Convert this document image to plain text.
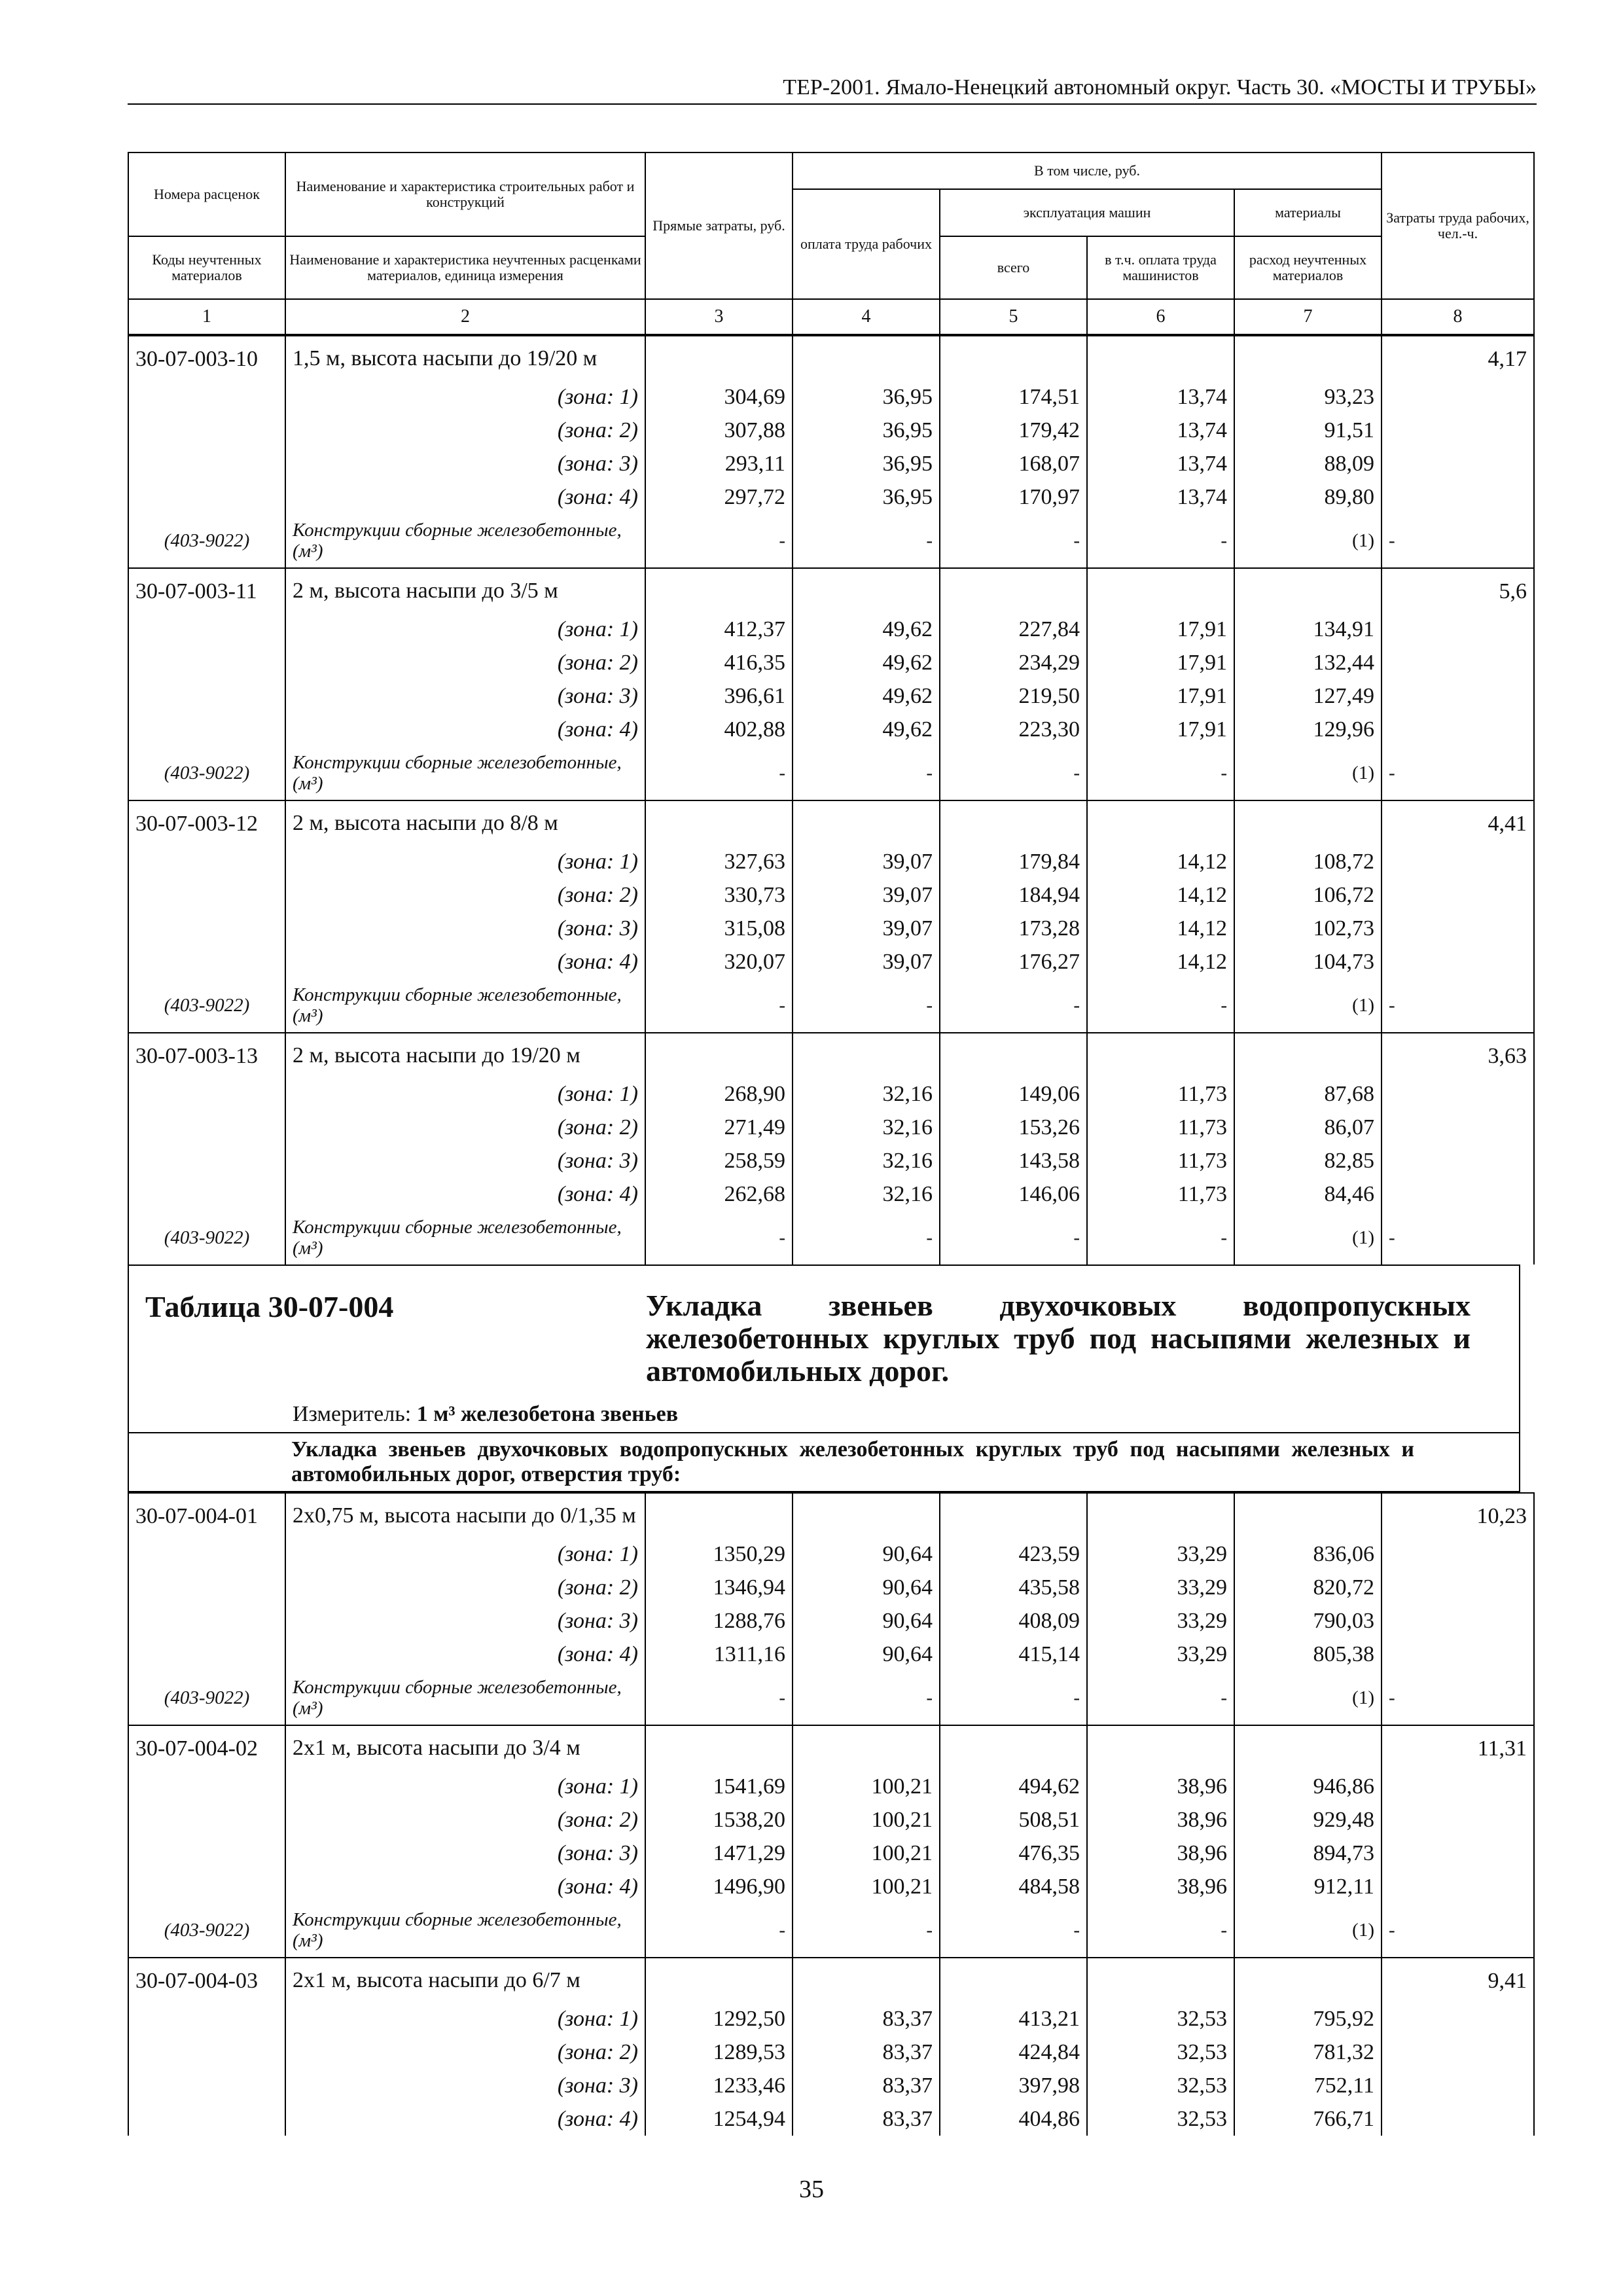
ТЕР-2001. Ямало-Ненецкий автономный округ. Часть 30. «МОСТЫ И ТРУБЫ»
Номера расценок	Наименование и характеристика строительных работ и конструкций	Прямые затраты, руб.	В том числе, руб.				Затраты труда рабочих, чел.-ч.
			оплата труда рабочих	эксплуатация машин		материалы	
Коды неучтенных материалов	Наименование и характеристика неучтенных расценками материалов, единица измерения			всего	в т.ч. оплата труда машинистов	расход неучтенных материалов	
1	2	3	4	5	6	7	8
30-07-003-10	1,5 м, высота насыпи до 19/20 м						4,17
	(зона: 1)	304,69	36,95	174,51	13,74	93,23	
	(зона: 2)	307,88	36,95	179,42	13,74	91,51	
	(зона: 3)	293,11	36,95	168,07	13,74	88,09	
	(зона: 4)	297,72	36,95	170,97	13,74	89,80	
(403-9022)	Конструкции сборные железобетонные, (м³)	-	-	-	-	(1)	-
30-07-003-11	2 м, высота насыпи до 3/5 м						5,6
	(зона: 1)	412,37	49,62	227,84	17,91	134,91	
	(зона: 2)	416,35	49,62	234,29	17,91	132,44	
	(зона: 3)	396,61	49,62	219,50	17,91	127,49	
	(зона: 4)	402,88	49,62	223,30	17,91	129,96	
(403-9022)	Конструкции сборные железобетонные, (м³)	-	-	-	-	(1)	-
30-07-003-12	2 м, высота насыпи до 8/8 м						4,41
	(зона: 1)	327,63	39,07	179,84	14,12	108,72	
	(зона: 2)	330,73	39,07	184,94	14,12	106,72	
	(зона: 3)	315,08	39,07	173,28	14,12	102,73	
	(зона: 4)	320,07	39,07	176,27	14,12	104,73	
(403-9022)	Конструкции сборные железобетонные, (м³)	-	-	-	-	(1)	-
30-07-003-13	2 м, высота насыпи до 19/20 м						3,63
	(зона: 1)	268,90	32,16	149,06	11,73	87,68	
	(зона: 2)	271,49	32,16	153,26	11,73	86,07	
	(зона: 3)	258,59	32,16	143,58	11,73	82,85	
	(зона: 4)	262,68	32,16	146,06	11,73	84,46	
(403-9022)	Конструкции сборные железобетонные, (м³)	-	-	-	-	(1)	-
Таблица 30-07-004	Укладка звеньев двухочковых водопропускных железобетонных круглых труб под насыпями железных и автомобильных дорог.
Измеритель: 1 м³ железобетона звеньев
Укладка звеньев двухочковых водопропускных железобетонных круглых труб под насыпями железных и автомобильных дорог, отверстия труб:
30-07-004-01	2х0,75 м, высота насыпи до 0/1,35 м						10,23
	(зона: 1)	1350,29	90,64	423,59	33,29	836,06	
	(зона: 2)	1346,94	90,64	435,58	33,29	820,72	
	(зона: 3)	1288,76	90,64	408,09	33,29	790,03	
	(зона: 4)	1311,16	90,64	415,14	33,29	805,38	
(403-9022)	Конструкции сборные железобетонные, (м³)	-	-	-	-	(1)	-
30-07-004-02	2х1 м, высота насыпи до 3/4 м						11,31
	(зона: 1)	1541,69	100,21	494,62	38,96	946,86	
	(зона: 2)	1538,20	100,21	508,51	38,96	929,48	
	(зона: 3)	1471,29	100,21	476,35	38,96	894,73	
	(зона: 4)	1496,90	100,21	484,58	38,96	912,11	
(403-9022)	Конструкции сборные железобетонные, (м³)	-	-	-	-	(1)	-
30-07-004-03	2х1 м, высота насыпи до 6/7 м						9,41
	(зона: 1)	1292,50	83,37	413,21	32,53	795,92	
	(зона: 2)	1289,53	83,37	424,84	32,53	781,32	
	(зона: 3)	1233,46	83,37	397,98	32,53	752,11	
	(зона: 4)	1254,94	83,37	404,86	32,53	766,71	
35
